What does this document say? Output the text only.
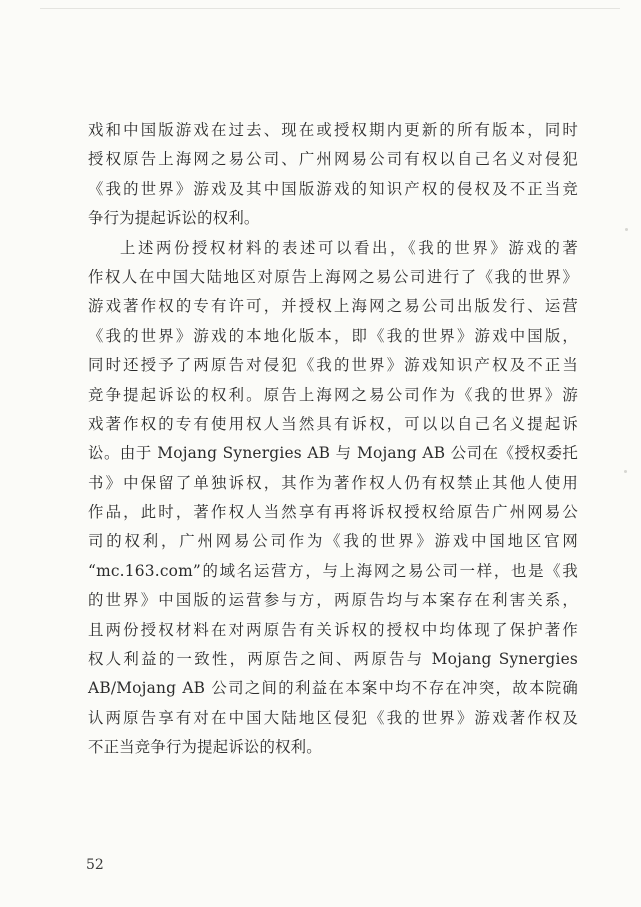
戏和中国版游戏在过去、现在或授权期内更新的所有版本，同时
授权原告上海网之易公司、广州网易公司有权以自己名义对侵犯
《我的世界》游戏及其中国版游戏的知识产权的侵权及不正当竞
争行为提起诉讼的权利。
上述两份授权材料的表述可以看出，《我的世界》游戏的著
作权人在中国大陆地区对原告上海网之易公司进行了《我的世界》
游戏著作权的专有许可，并授权上海网之易公司出版发行、运营
《我的世界》游戏的本地化版本，即《我的世界》游戏中国版，
同时还授予了两原告对侵犯《我的世界》游戏知识产权及不正当
竞争提起诉讼的权利。原告上海网之易公司作为《我的世界》游
戏著作权的专有使用权人当然具有诉权，可以以自己名义提起诉
讼。由于 Mojang Synergies AB 与 Mojang AB 公司在《授权委托
书》中保留了单独诉权，其作为著作权人仍有权禁止其他人使用
作品，此时，著作权人当然享有再将诉权授权给原告广州网易公
司的权利，广州网易公司作为《我的世界》游戏中国地区官网
“mc.163.com”的域名运营方，与上海网之易公司一样，也是《我
的世界》中国版的运营参与方，两原告均与本案存在利害关系，
且两份授权材料在对两原告有关诉权的授权中均体现了保护著作
权人利益的一致性，两原告之间、两原告与 Mojang Synergies
AB/Mojang AB 公司之间的利益在本案中均不存在冲突，故本院确
认两原告享有对在中国大陆地区侵犯《我的世界》游戏著作权及
不正当竞争行为提起诉讼的权利。
52
